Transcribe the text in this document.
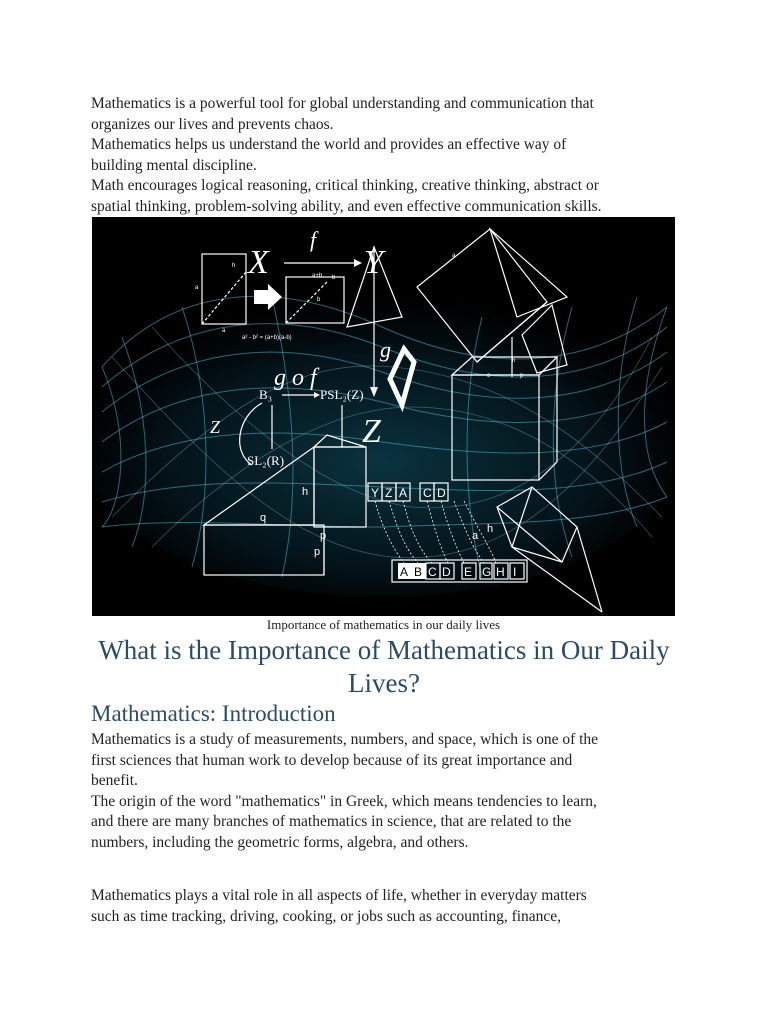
Mathematics is a powerful tool for global understanding and communication that
organizes our lives and prevents chaos.
Mathematics helps us understand the world and provides an effective way of
building mental discipline.
Math encourages logical reasoning, critical thinking, creative thinking, abstract or
spatial thinking, problem-solving ability, and even effective communication skills.

h
a
a
X	Y
f
a+b b
b
a² - b² = (a+b)(a-b)	g
Z
a
h
p
c
g o f
B₃	PSL₂(Z)
Z
SL₂(R)
h
q
p
p
Y Z A C D
h
a
A B C D E G H I
Importance of mathematics in our daily lives
What is the Importance of Mathematics in Our Daily Lives?
Mathematics: Introduction

Mathematics is a study of measurements, numbers, and space, which is one of the
first sciences that human work to develop because of its great importance and
benefit.
The origin of the word "mathematics" in Greek, which means tendencies to learn,
and there are many branches of mathematics in science, that are related to the
numbers, including the geometric forms, algebra, and others.

Mathematics plays a vital role in all aspects of life, whether in everyday matters
such as time tracking, driving, cooking, or jobs such as accounting, finance,
